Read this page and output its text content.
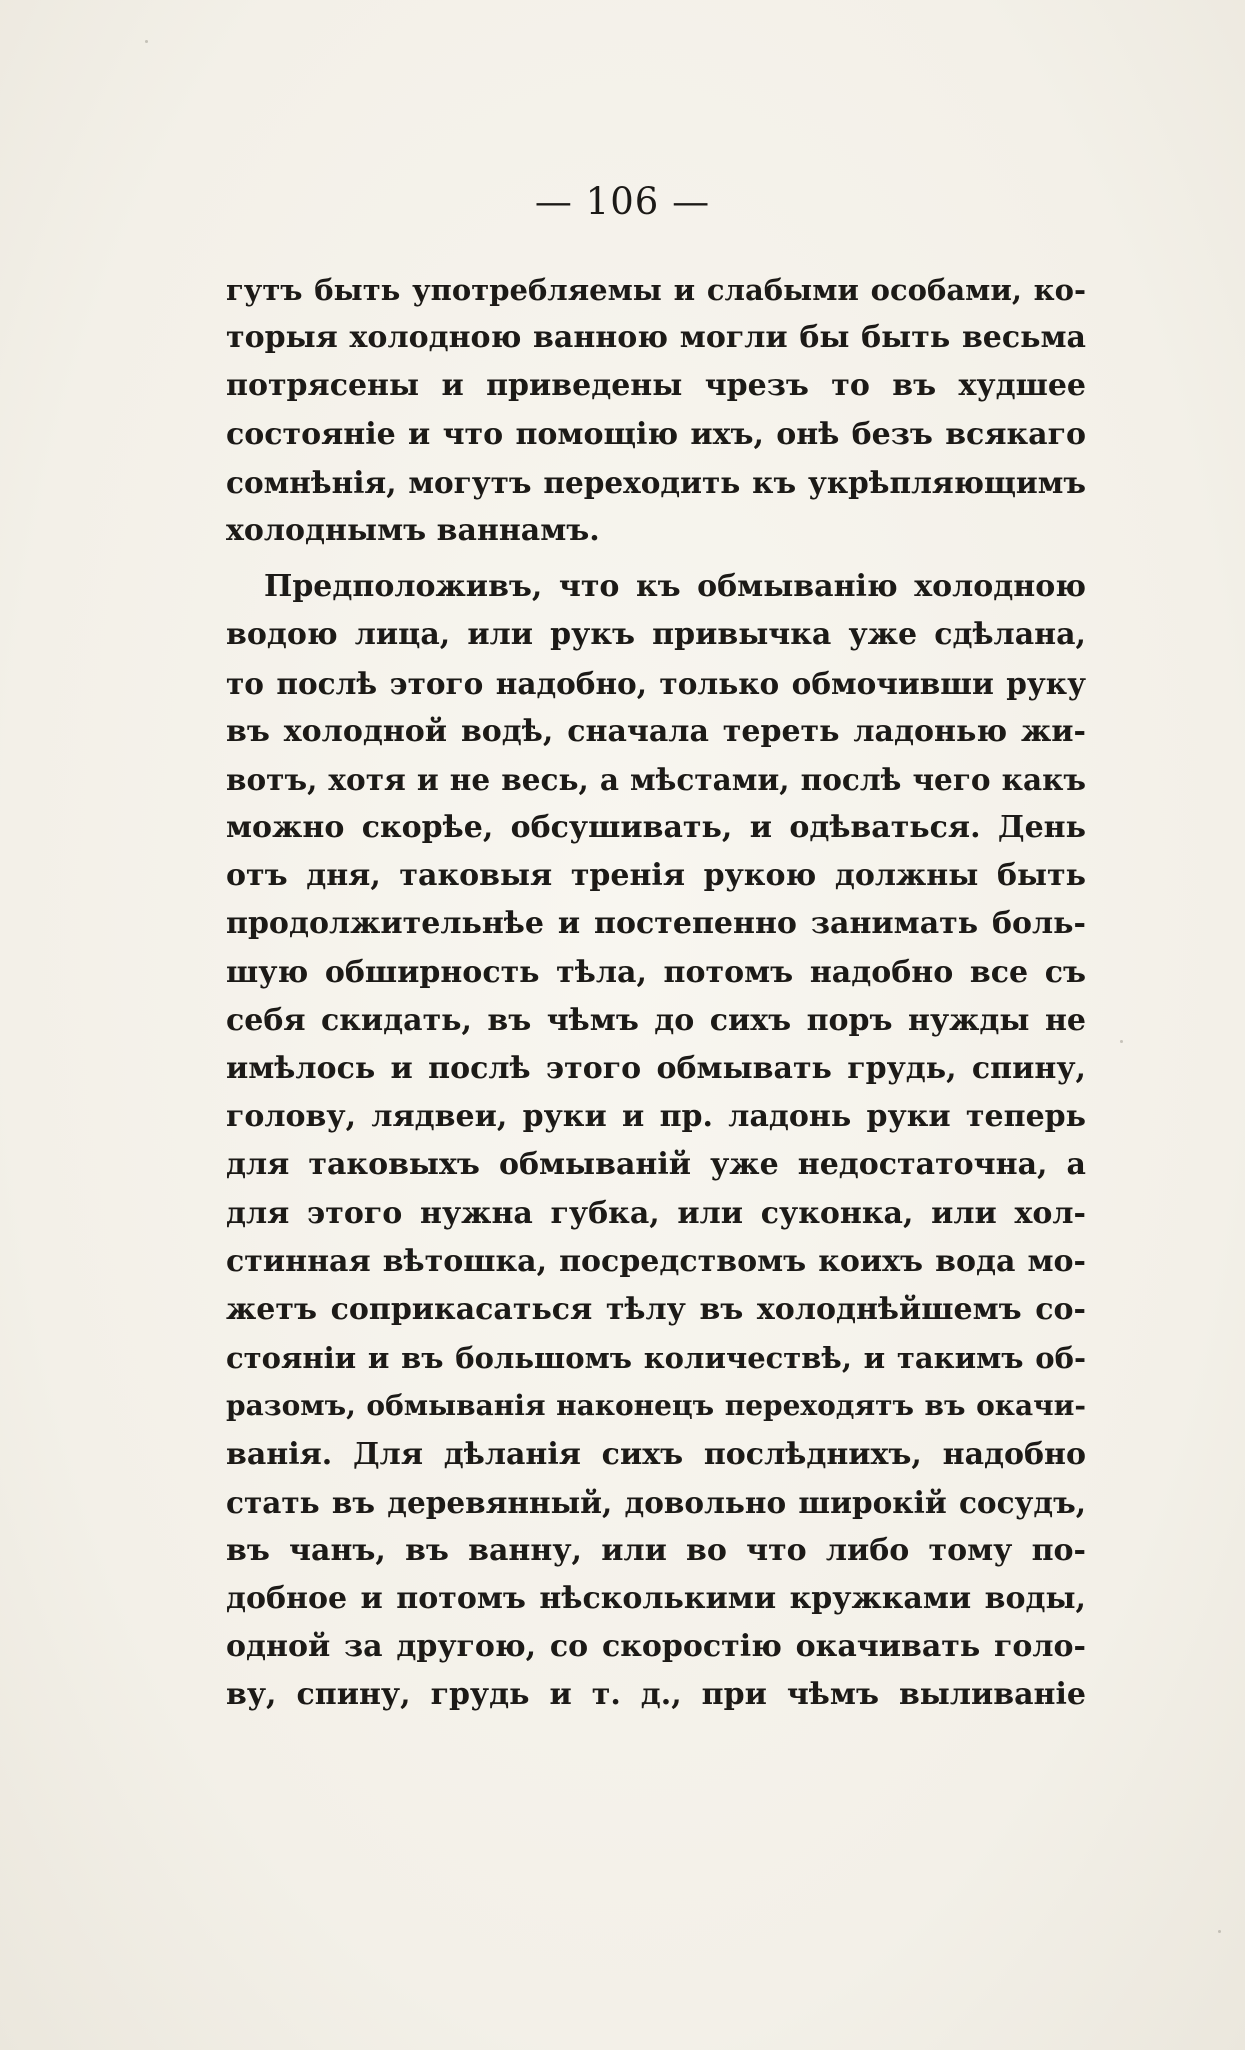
— 106 —
гутъ быть употребляемы и слабыми особами, ко-
торыя холодною ванною могли бы быть весьма
потрясены и приведены чрезъ то въ худшее
состоянiе и что помощiю ихъ, онѣ безъ всякаго
сомнѣнiя, могутъ переходить къ укрѣпляющимъ
холоднымъ ваннамъ.
Предположивъ, что къ обмыванiю холодною
водою лица, или рукъ привычка уже сдѣлана,
то послѣ этого надобно, только обмочивши руку
въ холодной водѣ, сначала тереть ладонью жи-
вотъ, хотя и не весь, а мѣстами, послѣ чего какъ
можно скорѣе, обсушивать, и одѣваться. День
отъ дня, таковыя тренiя рукою должны быть
продолжительнѣе и постепенно занимать боль-
шую обширность тѣла, потомъ надобно все съ
себя скидать, въ чѣмъ до сихъ поръ нужды не
имѣлось и послѣ этого обмывать грудь, спину,
голову, лядвеи, руки и пр. ладонь руки теперь
для таковыхъ обмыванiй уже недостаточна, а
для этого нужна губка, или суконка, или хол-
стинная вѣтошка, посредствомъ коихъ вода мо-
жетъ соприкасаться тѣлу въ холоднѣйшемъ со-
стоянiи и въ большомъ количествѣ, и такимъ об-
разомъ, обмыванiя наконецъ переходятъ въ окачи-
ванiя. Для дѣланiя сихъ послѣднихъ, надобно
стать въ деревянный, довольно широкiй сосудъ,
въ чанъ, въ ванну, или во что либо тому по-
добное и потомъ нѣсколькими кружками воды,
одной за другою, со скоростiю окачивать голо-
ву, спину, грудь и т. д., при чѣмъ выливанiе
